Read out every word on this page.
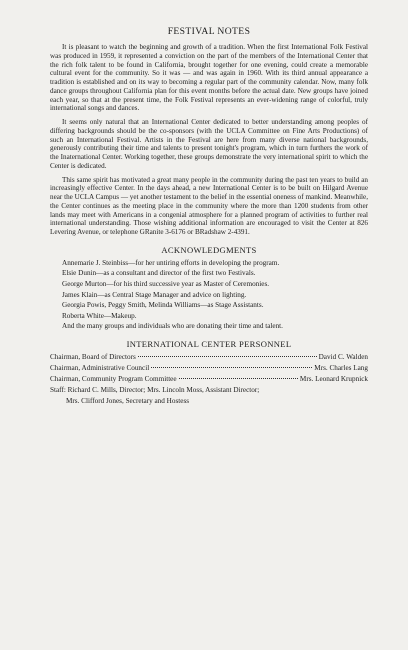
FESTIVAL NOTES

It is pleasant to watch the beginning and growth of a tradition. When the first International Folk Festival was produced in 1959, it represented a conviction on the part of the members of the International Center that the rich folk talent to be found in California, brought together for one evening, could create a memorable cultural event for the community. So it was — and was again in 1960. With its third annual appearance a tradition is established and on its way to becoming a regular part of the community calendar. Now, many folk dance groups throughout California plan for this event months before the actual date. New groups have joined each year, so that at the present time, the Folk Festival represents an ever-widening range of colorful, truly international songs and dances.

It seems only natural that an International Center dedicated to better understanding among peoples of differing backgrounds should be the co-sponsors (with the UCLA Committee on Fine Arts Productions) of such an International Festival. Artists in the Festival are here from many diverse national backgrounds, generously contributing their time and talents to present tonight's program, which in turn furthers the work of the Inaternational Center. Working together, these groups demonstrate the very international spirit to which the Center is dedicated.

This same spirit has motivated a great many people in the community during the past ten years to build an increasingly effective Center. In the days ahead, a new International Center is to be built on Hilgard Avenue near the UCLA Campus — yet another testament to the belief in the essential oneness of mankind. Meanwhile, the Center continues as the meeting place in the community where the more than 1200 students from other lands may meet with Americans in a congenial atmosphere for a planned program of activities to further real international understanding. Those wishing additional information are encouraged to visit the Center at 826 Levering Avenue, or telephone GRanite 3-6176 or BRadshaw 2-4391.

ACKNOWLEDGMENTS
Annemarie J. Steinbiss—for her untiring efforts in developing the program.
Elsie Dunin—as a consultant and director of the first two Festivals.
George Murton—for his third successive year as Master of Ceremonies.
James Klain—as Central Stage Manager and advice on lighting.
Georgia Powis, Peggy Smith, Melinda Williams—as Stage Assistants.
Roberta White—Makeup.
And the many groups and individuals who are donating their time and talent.
INTERNATIONAL CENTER PERSONNEL
Chairman, Board of Directors	David C. Walden
Chairman, Administrative Council	Mrs. Charles Lang
Chairman, Community Program Committee	Mrs. Leonard Krupnick
Staff: Richard C. Mills, Director; Mrs. Lincoln Moss, Assistant Director;
Mrs. Clifford Jones, Secretary and Hostess
